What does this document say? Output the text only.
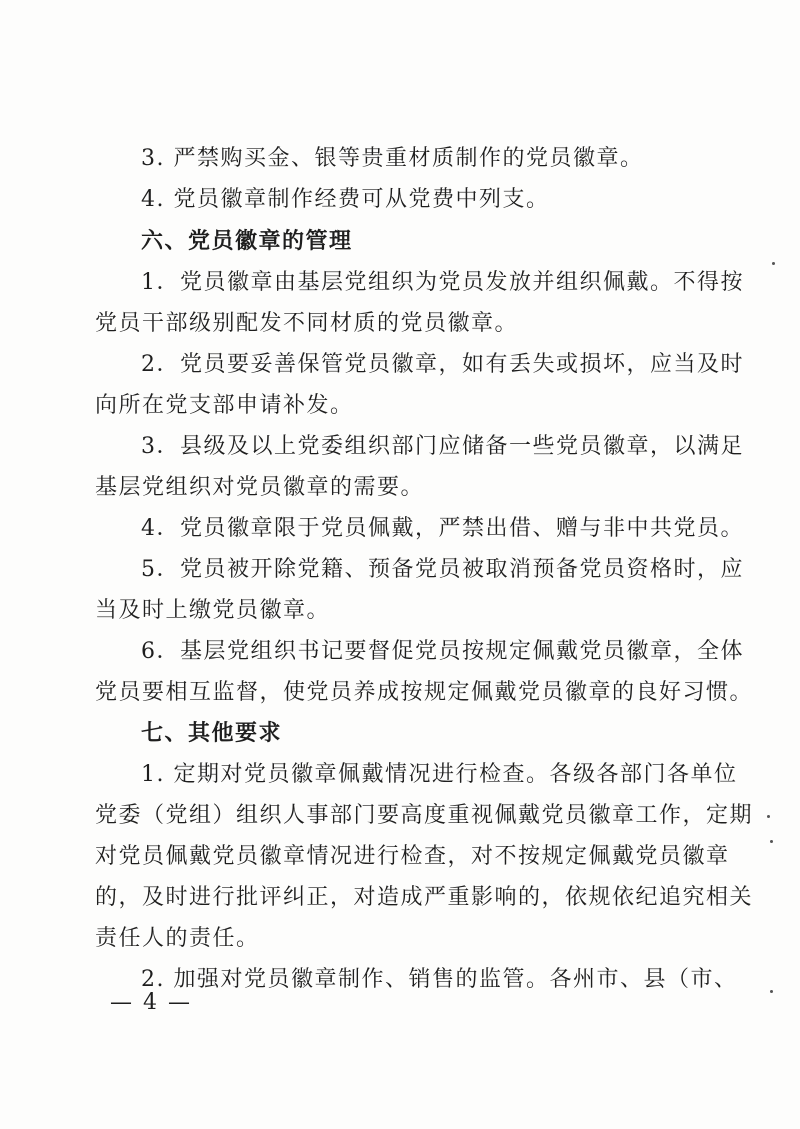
3. 严禁购买金、银等贵重材质制作的党员徽章。
4. 党员徽章制作经费可从党费中列支。
六、党员徽章的管理
1．党员徽章由基层党组织为党员发放并组织佩戴。不得按
党员干部级别配发不同材质的党员徽章。
2．党员要妥善保管党员徽章，如有丢失或损坏，应当及时
向所在党支部申请补发。
3．县级及以上党委组织部门应储备一些党员徽章，以满足
基层党组织对党员徽章的需要。
4．党员徽章限于党员佩戴，严禁出借、赠与非中共党员。
5．党员被开除党籍、预备党员被取消预备党员资格时，应
当及时上缴党员徽章。
6．基层党组织书记要督促党员按规定佩戴党员徽章，全体
党员要相互监督，使党员养成按规定佩戴党员徽章的良好习惯。
七、其他要求
1. 定期对党员徽章佩戴情况进行检查。各级各部门各单位
党委（党组）组织人事部门要高度重视佩戴党员徽章工作，定期
对党员佩戴党员徽章情况进行检查，对不按规定佩戴党员徽章
的，及时进行批评纠正，对造成严重影响的，依规依纪追究相关
责任人的责任。
2. 加强对党员徽章制作、销售的监管。各州市、县（市、
— 4 —
